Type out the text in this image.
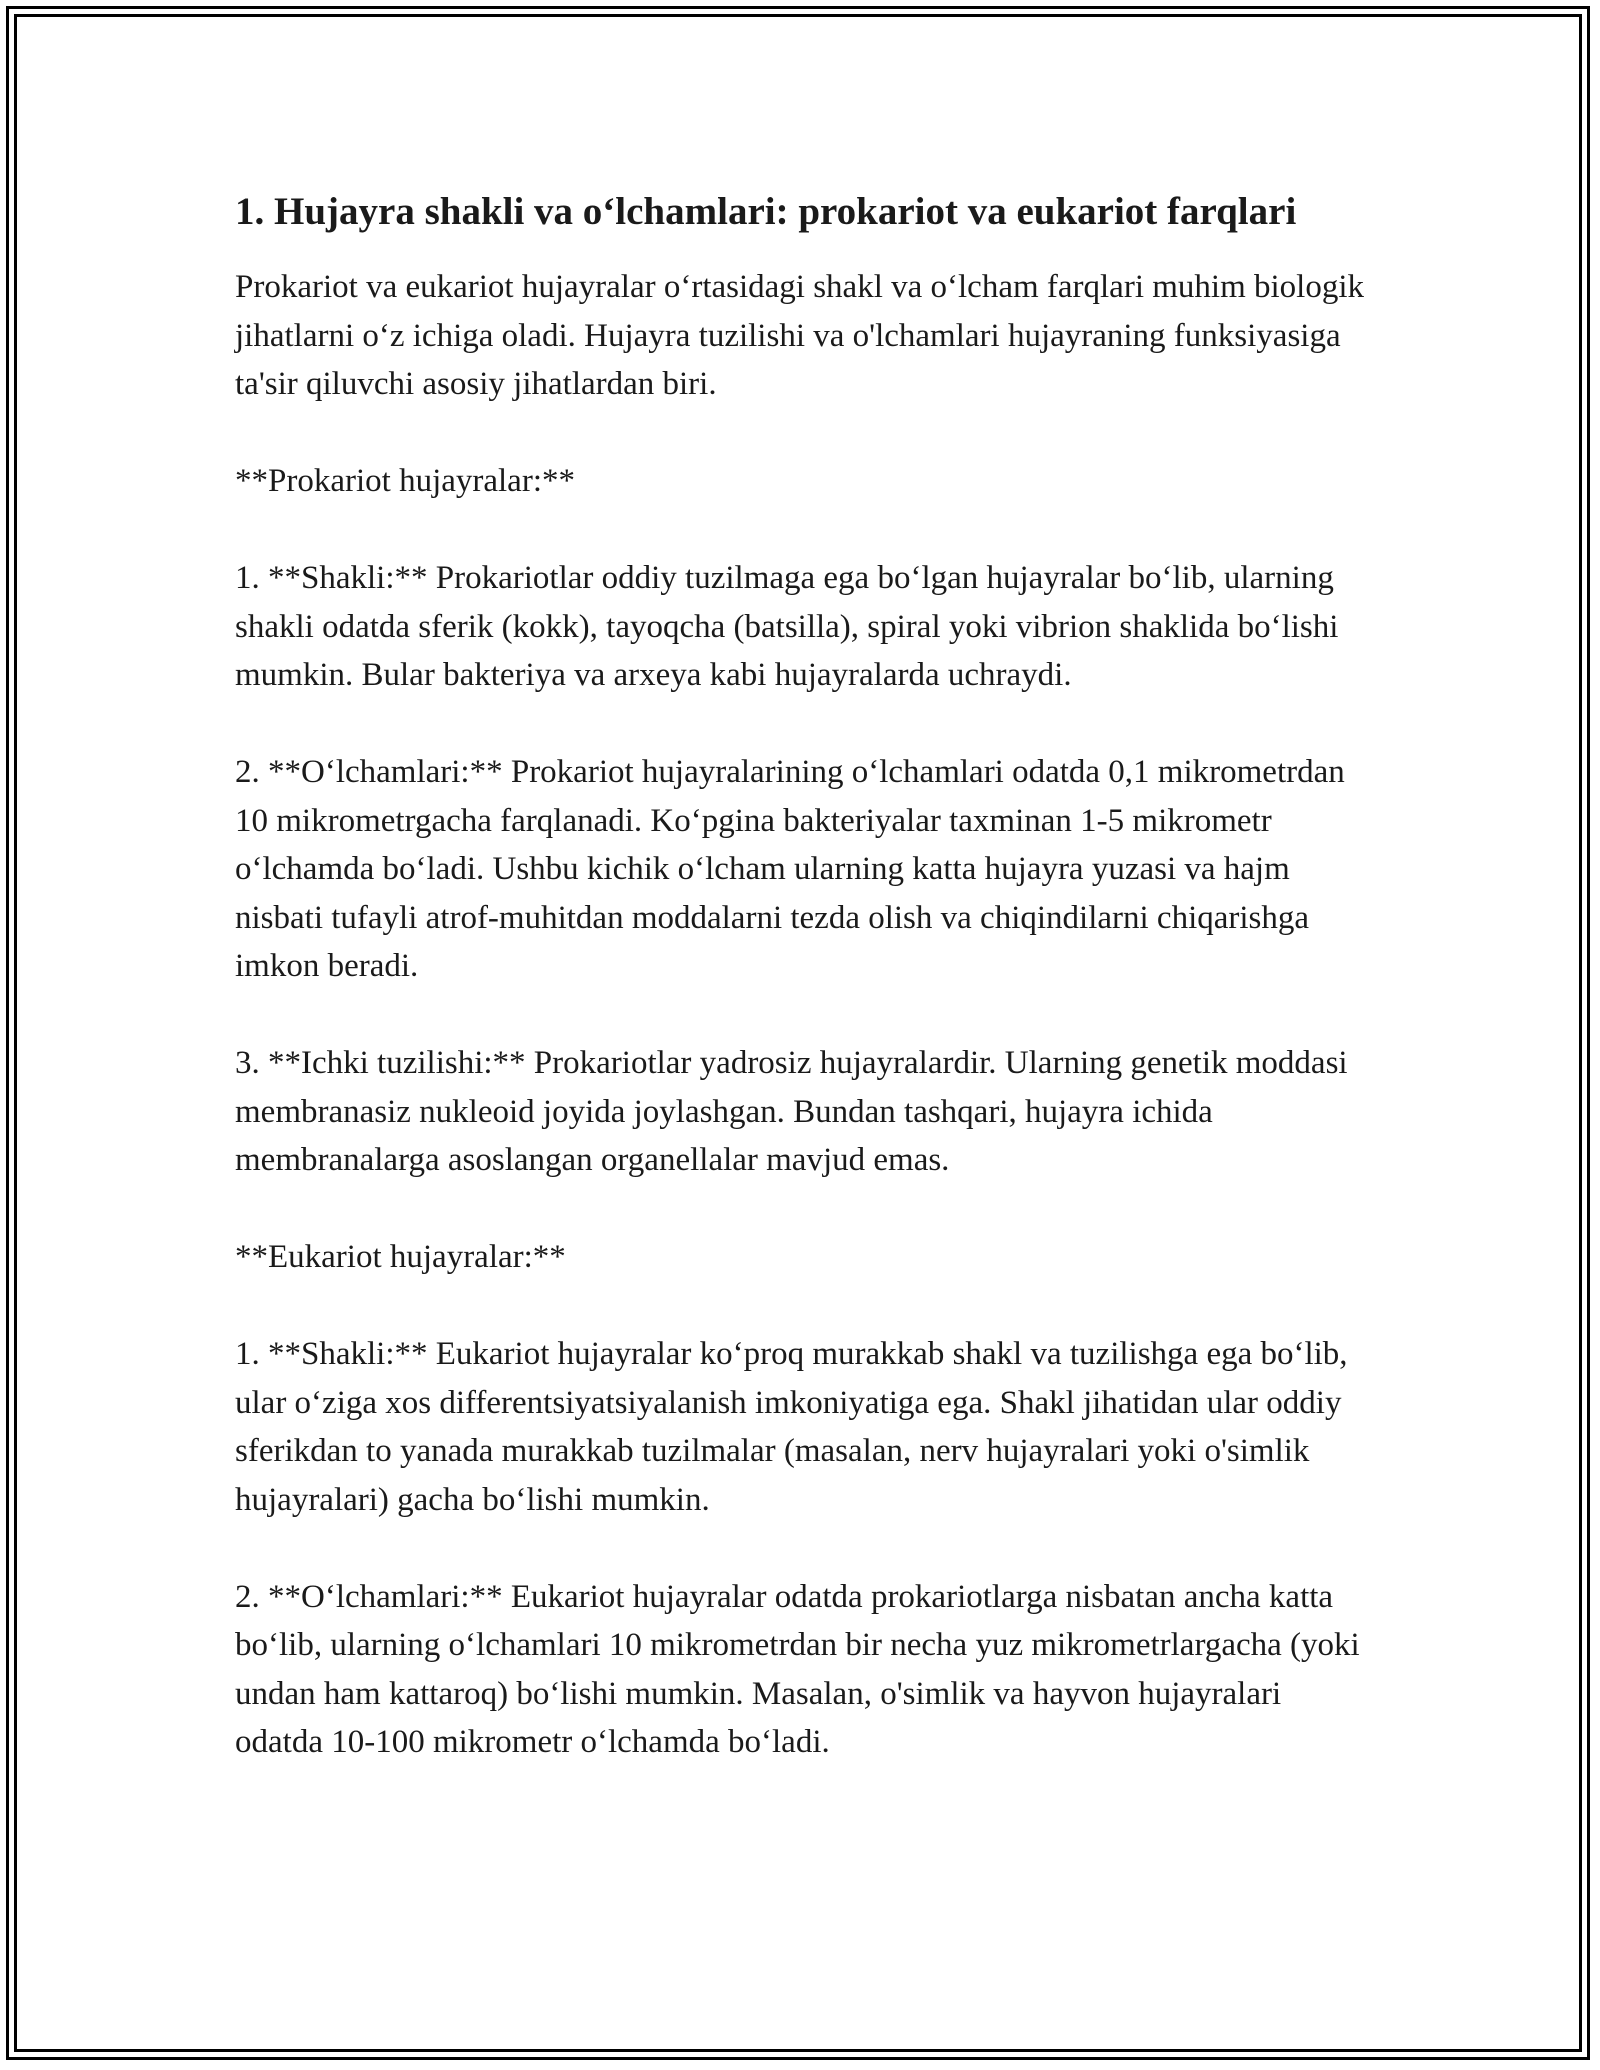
1. Hujayra shakli va o‘lchamlari: prokariot va eukariot farqlari

Prokariot va eukariot hujayralar o‘rtasidagi shakl va o‘lcham farqlari muhim biologik jihatlarni o‘z ichiga oladi. Hujayra tuzilishi va o'lchamlari hujayraning funksiyasiga ta'sir qiluvchi asosiy jihatlardan biri.

**Prokariot hujayralar:**

1. **Shakli:** Prokariotlar oddiy tuzilmaga ega bo‘lgan hujayralar bo‘lib, ularning shakli odatda sferik (kokk), tayoqcha (batsilla), spiral yoki vibrion shaklida bo‘lishi mumkin. Bular bakteriya va arxeya kabi hujayralarda uchraydi.

2. **O‘lchamlari:** Prokariot hujayralarining o‘lchamlari odatda 0,1 mikrometrdan 10 mikrometrgacha farqlanadi. Ko‘pgina bakteriyalar taxminan 1-5 mikrometr o‘lchamda bo‘ladi. Ushbu kichik o‘lcham ularning katta hujayra yuzasi va hajm nisbati tufayli atrof-muhitdan moddalarni tezda olish va chiqindilarni chiqarishga imkon beradi.

3. **Ichki tuzilishi:** Prokariotlar yadrosiz hujayralardir. Ularning genetik moddasi membranasiz nukleoid joyida joylashgan. Bundan tashqari, hujayra ichida membranalarga asoslangan organellalar mavjud emas.

**Eukariot hujayralar:**

1. **Shakli:** Eukariot hujayralar ko‘proq murakkab shakl va tuzilishga ega bo‘lib, ular o‘ziga xos differentsiyatsiyalanish imkoniyatiga ega. Shakl jihatidan ular oddiy sferikdan to yanada murakkab tuzilmalar (masalan, nerv hujayralari yoki o'simlik hujayralari) gacha bo‘lishi mumkin.

2. **O‘lchamlari:** Eukariot hujayralar odatda prokariotlarga nisbatan ancha katta bo‘lib, ularning o‘lchamlari 10 mikrometrdan bir necha yuz mikrometrlargacha (yoki undan ham kattaroq) bo‘lishi mumkin. Masalan, o'simlik va hayvon hujayralari odatda 10-100 mikrometr o‘lchamda bo‘ladi.
